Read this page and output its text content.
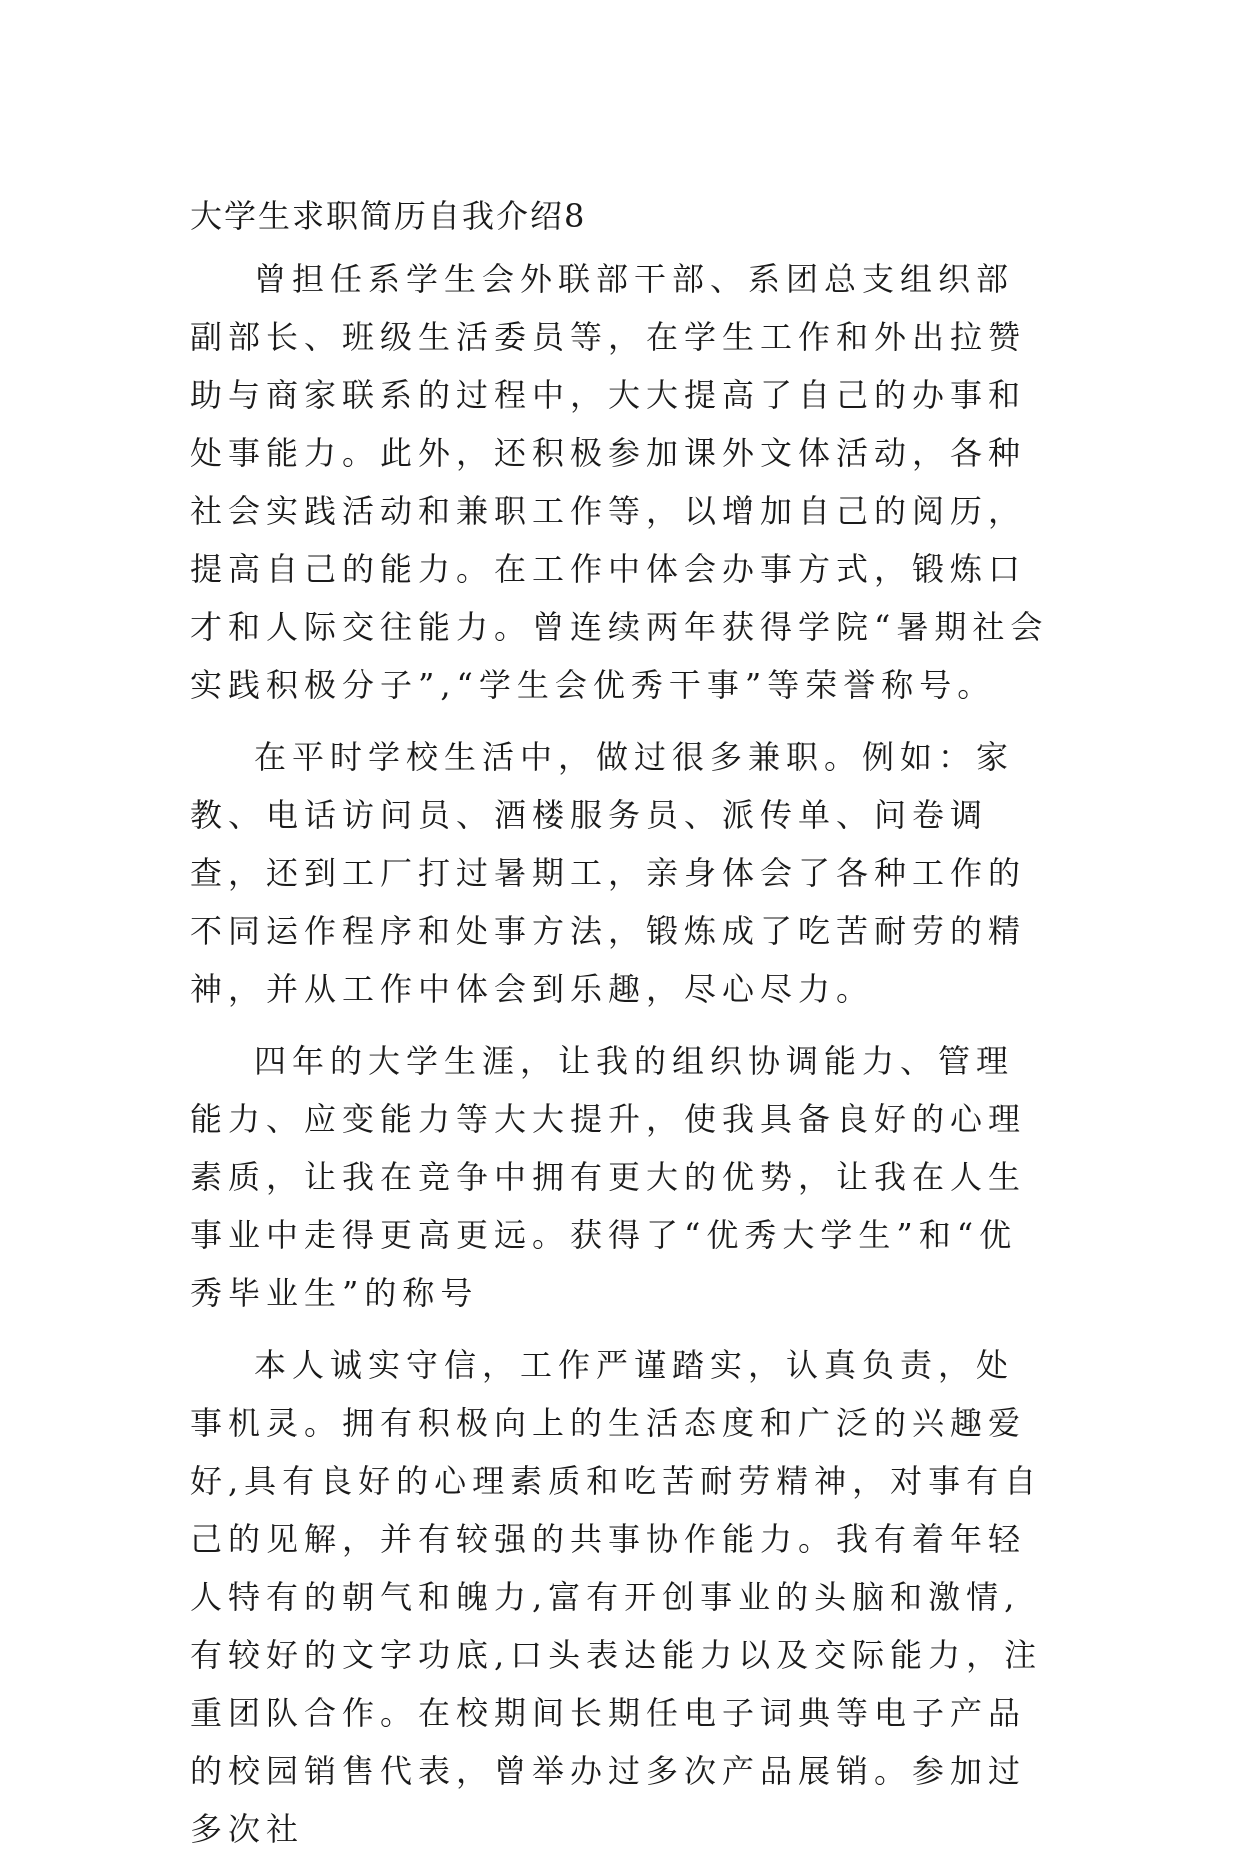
大学生求职简历自我介绍8

曾担任系学生会外联部干部、系团总支组织部副部长、班级生活委员等，在学生工作和外出拉赞助与商家联系的过程中，大大提高了自己的办事和处事能力。此外，还积极参加课外文体活动，各种社会实践活动和兼职工作等，以增加自己的阅历，提高自己的能力。在工作中体会办事方式，锻炼口才和人际交往能力。曾连续两年获得学院“暑期社会实践积极分子”,“学生会优秀干事”等荣誉称号。

在平时学校生活中，做过很多兼职。例如：家教、电话访问员、酒楼服务员、派传单、问卷调查，还到工厂打过暑期工，亲身体会了各种工作的不同运作程序和处事方法，锻炼成了吃苦耐劳的精神，并从工作中体会到乐趣，尽心尽力。

四年的大学生涯，让我的组织协调能力、管理能力、应变能力等大大提升，使我具备良好的心理素质，让我在竞争中拥有更大的优势，让我在人生事业中走得更高更远。获得了“优秀大学生”和“优秀毕业生”的称号

本人诚实守信，工作严谨踏实，认真负责，处事机灵。拥有积极向上的生活态度和广泛的兴趣爱好,具有良好的心理素质和吃苦耐劳精神，对事有自己的见解，并有较强的共事协作能力。我有着年轻人特有的朝气和魄力,富有开创事业的头脑和激情,有较好的文字功底,口头表达能力以及交际能力，注重团队合作。在校期间长期任电子词典等电子产品的校园销售代表，曾举办过多次产品展销。参加过多次社
